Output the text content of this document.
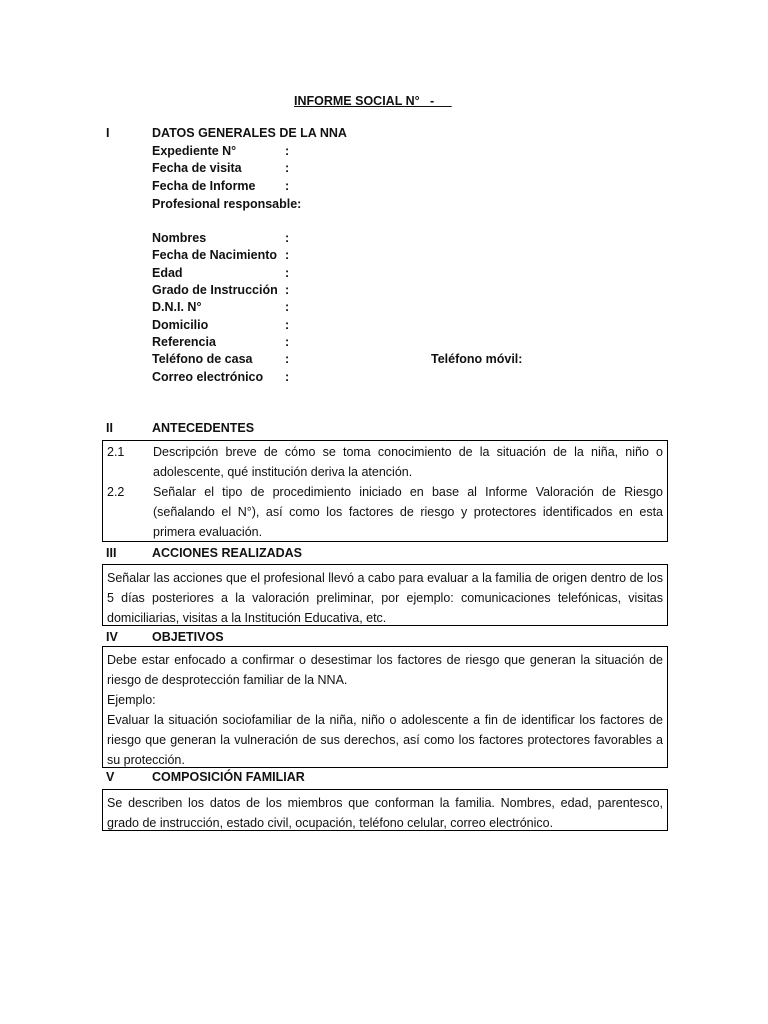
INFORME SOCIAL N° _- __
I	DATOS GENERALES DE LA NNA
Expediente N°	:
Fecha de visita	:
Fecha de Informe :
Profesional responsable:
Nombres	:
Fecha de Nacimiento :
Edad	:
Grado de Instrucción :
D.N.I. N°	:
Domicilio	:
Referencia	:
Teléfono de casa	:	Teléfono móvil:
Correo electrónico :
II	ANTECEDENTES
2.1	Descripción breve de cómo se toma conocimiento de la situación de la niña, niño o adolescente, qué institución deriva la atención.
2.2	Señalar el tipo de procedimiento iniciado en base al Informe Valoración de Riesgo (señalando el N°), así como los factores de riesgo y protectores identificados en esta primera evaluación.
III	ACCIONES REALIZADAS
Señalar las acciones que el profesional llevó a cabo para evaluar a la familia de origen dentro de los 5 días posteriores a la valoración preliminar, por ejemplo: comunicaciones telefónicas, visitas domiciliarias, visitas a la Institución Educativa, etc.
IV	OBJETIVOS
Debe estar enfocado a confirmar o desestimar los factores de riesgo que generan la situación de riesgo de desprotección familiar de la NNA.
Ejemplo:
Evaluar la situación sociofamiliar de la niña, niño o adolescente a fin de identificar los factores de riesgo que generan la vulneración de sus derechos, así como los factores protectores favorables a su protección.
V	COMPOSICIÓN FAMILIAR
Se describen los datos de los miembros que conforman la familia. Nombres, edad, parentesco, grado de instrucción, estado civil, ocupación, teléfono celular, correo electrónico.
